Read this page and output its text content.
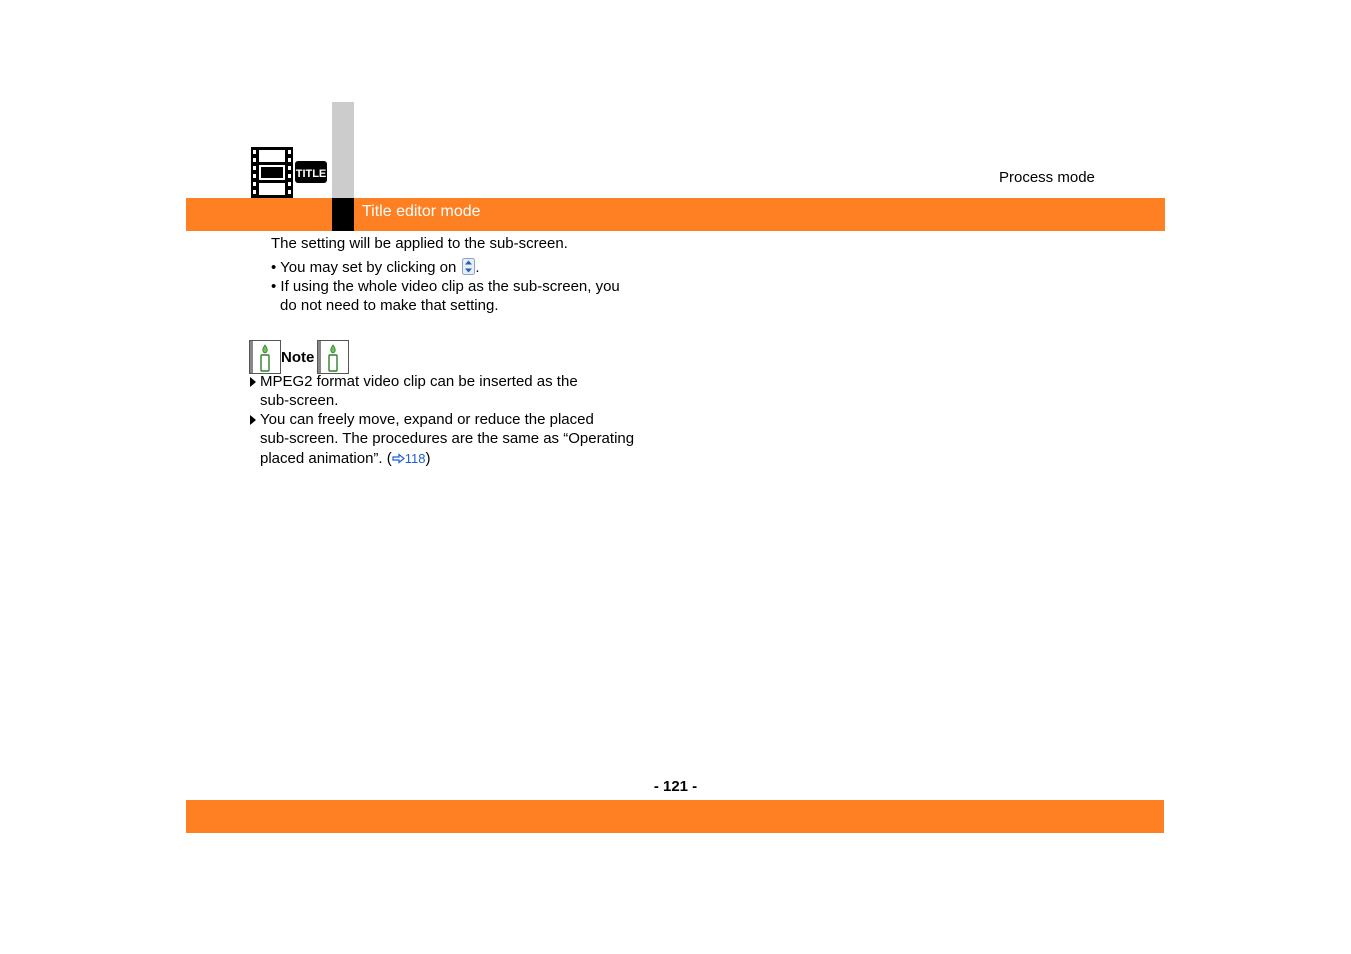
Title editor mode
Process mode
TITLE
The setting will be applied to the sub-screen.
• You may set by clicking on .
• If using the whole video clip as the sub-screen, you
do not need to make that setting.
Note
MPEG2 format video clip can be inserted as the
sub-screen.
You can freely move, expand or reduce the placed
sub-screen. The procedures are the same as “Operating
placed animation”. ( 118)
- 121 -
